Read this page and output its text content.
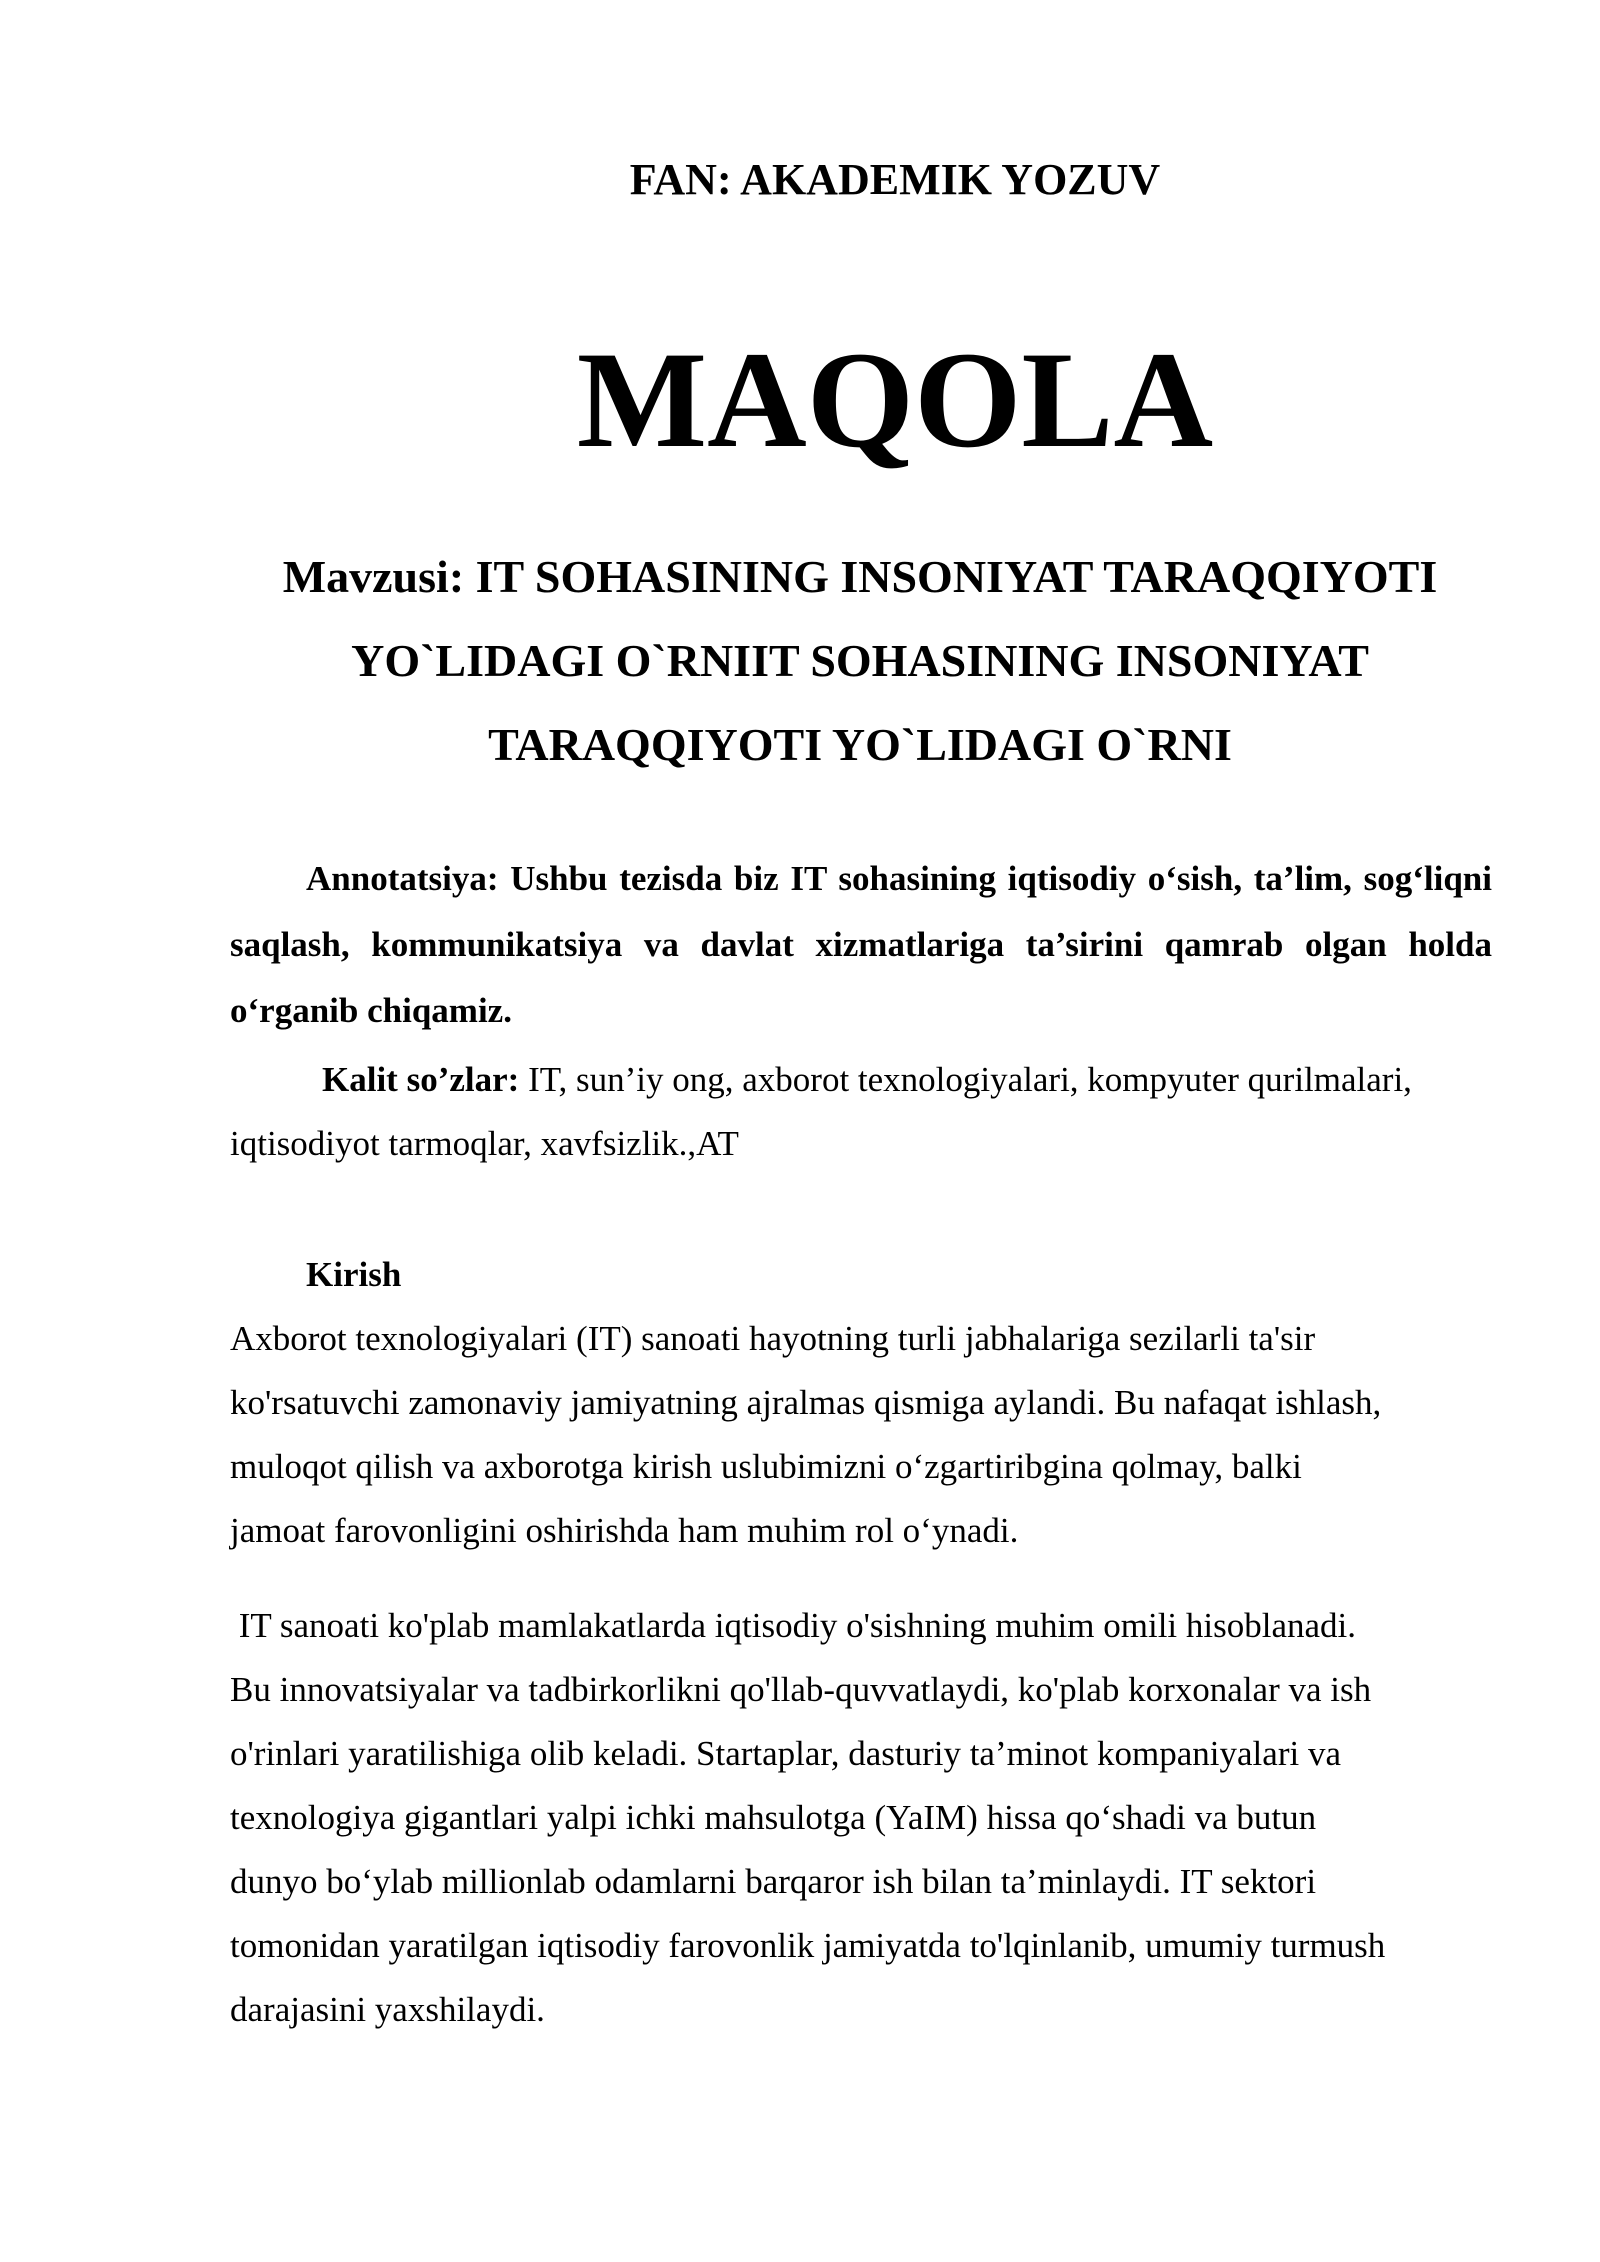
FAN: AKADEMIK YOZUV

MAQOLA

Mavzusi: IT SOHASINING INSONIYAT TARAQQIYOTI
YO`LIDAGI O`RNIIT SOHASINING INSONIYAT
TARAQQIYOTI YO`LIDAGI O`RNI

Annotatsiya: Ushbu tezisda biz IT sohasining iqtisodiy o‘sish, ta’lim, sog‘liqni saqlash, kommunikatsiya va davlat xizmatlariga ta’sirini qamrab olgan holda o‘rganib chiqamiz.

Kalit so’zlar: IT, sun’iy ong, axborot texnologiyalari, kompyuter qurilmalari, iqtisodiyot tarmoqlar, xavfsizlik.,AT

Kirish

Axborot texnologiyalari (IT) sanoati hayotning turli jabhalariga sezilarli ta'sir
ko'rsatuvchi zamonaviy jamiyatning ajralmas qismiga aylandi. Bu nafaqat ishlash,
muloqot qilish va axborotga kirish uslubimizni o‘zgartiribgina qolmay, balki
jamoat farovonligini oshirishda ham muhim rol o‘ynadi.

IT sanoati ko'plab mamlakatlarda iqtisodiy o'sishning muhim omili hisoblanadi.
Bu innovatsiyalar va tadbirkorlikni qo'llab-quvvatlaydi, ko'plab korxonalar va ish
o'rinlari yaratilishiga olib keladi. Startaplar, dasturiy ta’minot kompaniyalari va
texnologiya gigantlari yalpi ichki mahsulotga (YaIM) hissa qo‘shadi va butun
dunyo bo‘ylab millionlab odamlarni barqaror ish bilan ta’minlaydi. IT sektori
tomonidan yaratilgan iqtisodiy farovonlik jamiyatda to'lqinlanib, umumiy turmush
darajasini yaxshilaydi.
